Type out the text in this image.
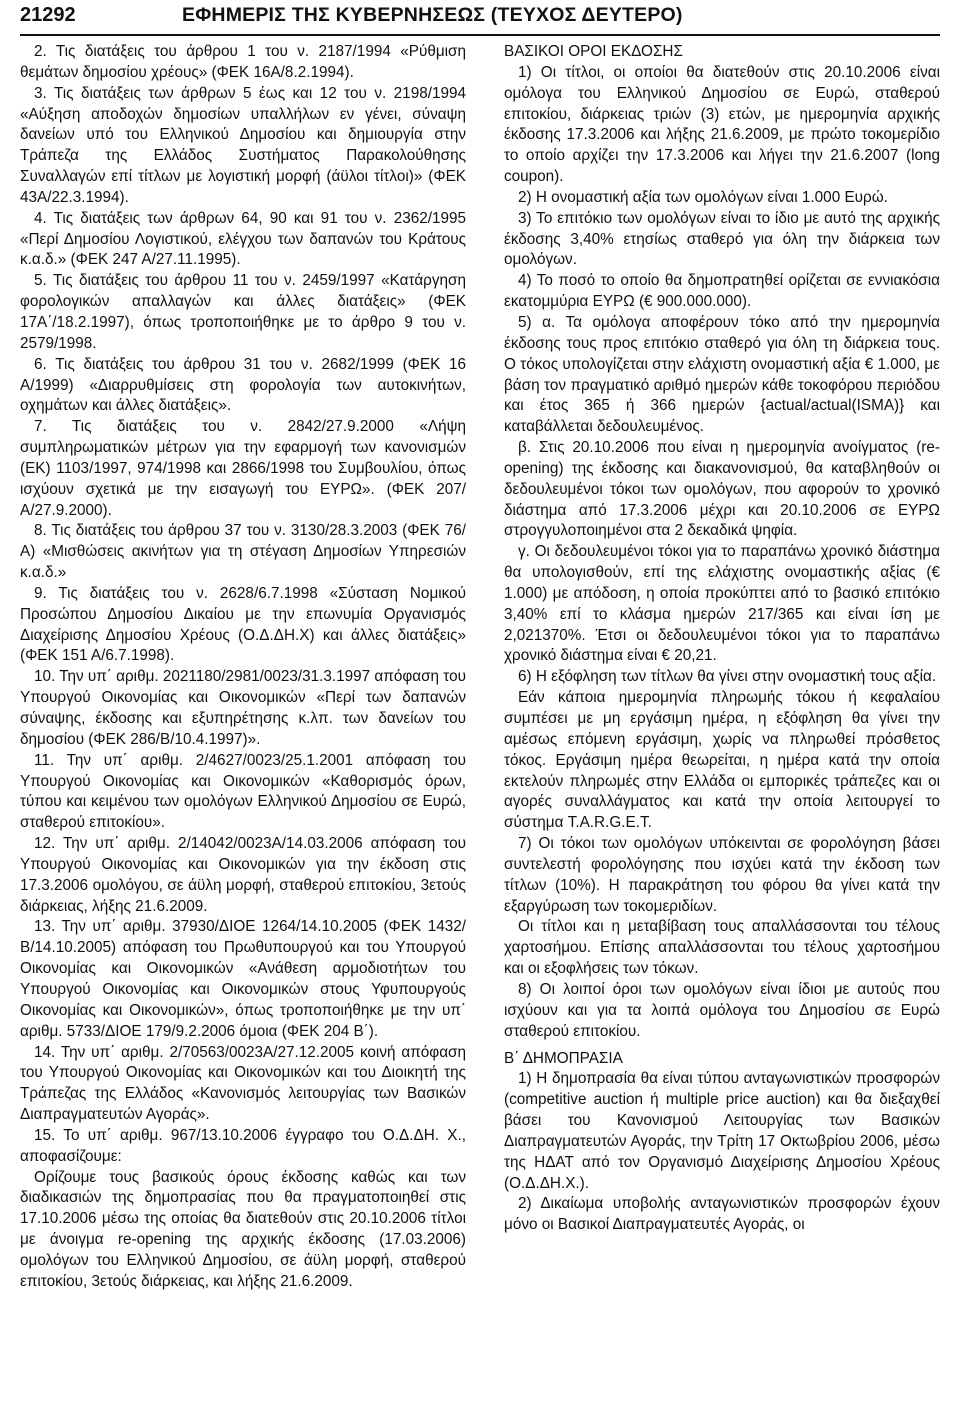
21292	ΕΦΗΜΕΡΙΣ ΤΗΣ ΚΥΒΕΡΝΗΣΕΩΣ (ΤΕΥΧΟΣ ΔΕΥΤΕΡΟ)

2. Τις διατάξεις του άρθρου 1 του ν. 2187/1994 «Ρύθμιση θεμάτων δημοσίου χρέους» (ΦΕΚ 16Α/8.2.1994).

3. Τις διατάξεις των άρθρων 5 έως και 12 του ν. 2198/1994 «Αύξηση αποδοχών δημοσίων υπαλλήλων εν γένει, σύναψη δανείων υπό του Ελληνικού Δημοσίου και δημιουργία στην Τράπεζα της Ελλάδος Συστήματος Παρακολούθησης Συναλλαγών επί τίτλων με λογιστική μορφή (άϋλοι τίτλοι)» (ΦΕΚ 43Α/22.3.1994).

4. Τις διατάξεις των άρθρων 64, 90 και 91 του ν. 2362/1995 «Περί Δημοσίου Λογιστικού, ελέγχου των δαπανών του Κράτους κ.α.δ.» (ΦΕΚ 247 Α/27.11.1995).

5. Τις διατάξεις του άρθρου 11 του ν. 2459/1997 «Κατάργηση φορολογικών απαλλαγών και άλλες διατάξεις» (ΦΕΚ 17Α΄/18.2.1997), όπως τροποποιήθηκε με το άρθρο 9 του ν. 2579/1998.

6. Τις διατάξεις του άρθρου 31 του ν. 2682/1999 (ΦΕΚ 16 Α/1999) «Διαρρυθμίσεις στη φορολογία των αυτοκινήτων, οχημάτων και άλλες διατάξεις».

7. Τις διατάξεις του ν. 2842/27.9.2000 «Λήψη συμπληρωματικών μέτρων για την εφαρμογή των κανονισμών (ΕΚ) 1103/1997, 974/1998 και 2866/1998 του Συμβουλίου, όπως ισχύουν σχετικά με την εισαγωγή του ΕΥΡΩ». (ΦΕΚ 207/Α/27.9.2000).

8. Τις διατάξεις του άρθρου 37 του ν. 3130/28.3.2003 (ΦΕΚ 76/Α) «Μισθώσεις ακινήτων για τη στέγαση Δημοσίων Υπηρεσιών κ.α.δ.»

9. Τις διατάξεις του ν. 2628/6.7.1998 «Σύσταση Νομικού Προσώπου Δημοσίου Δικαίου με την επωνυμία Οργανισμός Διαχείρισης Δημοσίου Χρέους (Ο.Δ.ΔΗ.Χ) και άλλες διατάξεις» (ΦΕΚ 151 Α/6.7.1998).

10. Την υπ΄ αριθμ. 2021180/2981/0023/31.3.1997 απόφαση του Υπουργού Οικονομίας και Οικονομικών «Περί των δαπανών σύναψης, έκδοσης και εξυπηρέτησης κ.λπ. των δανείων του δημοσίου (ΦΕΚ 286/Β/10.4.1997)».

11. Την υπ΄ αριθμ. 2/4627/0023/25.1.2001 απόφαση του Υπουργού Οικονομίας και Οικονομικών «Καθορισμός όρων, τύπου και κειμένου των ομολόγων Ελληνικού Δημοσίου σε Ευρώ, σταθερού επιτοκίου».

12. Την υπ΄ αριθμ. 2/14042/0023Α/14.03.2006 απόφαση του Υπουργού Οικονομίας και Οικονομικών για την έκδοση στις 17.3.2006 ομολόγου, σε άϋλη μορφή, σταθερού επιτοκίου, 3ετούς διάρκειας, λήξης 21.6.2009.

13. Την υπ΄ αριθμ. 37930/ΔΙΟΕ 1264/14.10.2005 (ΦΕΚ 1432/Β/14.10.2005) απόφαση του Πρωθυπουργού και του Υπουργού Οικονομίας και Οικονομικών «Ανάθεση αρμοδιοτήτων του Υπουργού Οικονομίας και Οικονομικών στους Υφυπουργούς Οικονομίας και Οικονομικών», όπως τροποποιήθηκε με την υπ΄ αριθμ. 5733/ΔΙΟΕ 179/9.2.2006 όμοια (ΦΕΚ 204 Β΄).

14. Την υπ΄ αριθμ. 2/70563/0023Α/27.12.2005 κοινή απόφαση του Υπουργού Οικονομίας και Οικονομικών και του Διοικητή της Τράπεζας της Ελλάδος «Κανονισμός λειτουργίας των Βασικών Διαπραγματευτών Αγοράς».

15. Το υπ΄ αριθμ. 967/13.10.2006 έγγραφο του Ο.Δ.ΔΗ. Χ., αποφασίζουμε:

Ορίζουμε τους βασικούς όρους έκδοσης καθώς και των διαδικασιών της δημοπρασίας που θα πραγματοποιηθεί στις 17.10.2006 μέσω της οποίας θα διατεθούν στις 20.10.2006 τίτλοι με άνοιγμα re-opening της αρχικής έκδοσης (17.03.2006) ομολόγων του Ελληνικού Δημοσίου, σε άϋλη μορφή, σταθερού επιτοκίου, 3ετούς διάρκειας, και λήξης 21.6.2009.

ΒΑΣΙΚΟΙ ΟΡΟΙ ΕΚΔΟΣΗΣ

1) Οι τίτλοι, οι οποίοι θα διατεθούν στις 20.10.2006 είναι ομόλογα του Ελληνικού Δημοσίου σε Ευρώ, σταθερού επιτοκίου, διάρκειας τριών (3) ετών, με ημερομηνία αρχικής έκδοσης 17.3.2006 και λήξης 21.6.2009, με πρώτο τοκομερίδιο το οποίο αρχίζει την 17.3.2006 και λήγει την 21.6.2007 (long coupon).

2) Η ονομαστική αξία των ομολόγων είναι 1.000 Ευρώ.

3) Το επιτόκιο των ομολόγων είναι το ίδιο με αυτό της αρχικής έκδοσης 3,40% ετησίως σταθερό για όλη την διάρκεια των ομολόγων.

4) Το ποσό το οποίο θα δημοπρατηθεί ορίζεται σε εννιακόσια εκατομμύρια ΕΥΡΩ (€ 900.000.000).

5) α. Τα ομόλογα αποφέρουν τόκο από την ημερομηνία έκδοσης τους προς επιτόκιο σταθερό για όλη τη διάρκεια τους. Ο τόκος υπολογίζεται στην ελάχιστη ονομαστική αξία € 1.000, με βάση τον πραγματικό αριθμό ημερών κάθε τοκοφόρου περιόδου και έτος 365 ή 366 ημερών {actual/actual(ISMA)} και καταβάλλεται δεδουλευμένος.

β. Στις 20.10.2006 που είναι η ημερομηνία ανοίγματος (re-opening) της έκδοσης και διακανονισμού, θα καταβληθούν οι δεδουλευμένοι τόκοι των ομολόγων, που αφορούν το χρονικό διάστημα από 17.3.2006 μέχρι και 20.10.2006 σε ΕΥΡΩ στρογγυλοποιημένοι στα 2 δεκαδικά ψηφία.

γ. Οι δεδουλευμένοι τόκοι για το παραπάνω χρονικό διάστημα θα υπολογισθούν, επί της ελάχιστης ονομαστικής αξίας (€ 1.000) με απόδοση, η οποία προκύπτει από το βασικό επιτόκιο 3,40% επί το κλάσμα ημερών 217/365 και είναι ίση με 2,021370%. Έτσι οι δεδουλευμένοι τόκοι για το παραπάνω χρονικό διάστημα είναι € 20,21.

6) Η εξόφληση των τίτλων θα γίνει στην ονομαστική τους αξία.

Εάν κάποια ημερομηνία πληρωμής τόκου ή κεφαλαίου συμπέσει με μη εργάσιμη ημέρα, η εξόφληση θα γίνει την αμέσως επόμενη εργάσιμη, χωρίς να πληρωθεί πρόσθετος τόκος. Εργάσιμη ημέρα θεωρείται, η ημέρα κατά την οποία εκτελούν πληρωμές στην Ελλάδα οι εμπορικές τράπεζες και οι αγορές συναλλάγματος και κατά την οποία λειτουργεί το σύστημα T.A.R.G.E.T.

7) Οι τόκοι των ομολόγων υπόκεινται σε φορολόγηση βάσει συντελεστή φορολόγησης που ισχύει κατά την έκδοση των τίτλων (10%). Η παρακράτηση του φόρου θα γίνει κατά την εξαργύρωση των τοκομεριδίων.

Οι τίτλοι και η μεταβίβαση τους απαλλάσσονται του τέλους χαρτοσήμου. Επίσης απαλλάσσονται του τέλους χαρτοσήμου και οι εξοφλήσεις των τόκων.

8) Οι λοιποί όροι των ομολόγων είναι ίδιοι με αυτούς που ισχύουν και για τα λοιπά ομόλογα του Δημοσίου σε Ευρώ σταθερού επιτοκίου.

Β΄ ΔΗΜΟΠΡΑΣΙΑ

1) Η δημοπρασία θα είναι τύπου ανταγωνιστικών προσφορών (competitive auction ή multiple price auction) και θα διεξαχθεί βάσει του Κανονισμού Λειτουργίας των Βασικών Διαπραγματευτών Αγοράς, την Τρίτη 17 Οκτωβρίου 2006, μέσω της ΗΔΑΤ από τον Οργανισμό Διαχείρισης Δημοσίου Χρέους (Ο.Δ.ΔΗ.Χ.).

2) Δικαίωμα υποβολής ανταγωνιστικών προσφορών έχουν μόνο οι Βασικοί Διαπραγματευτές Αγοράς, οι
